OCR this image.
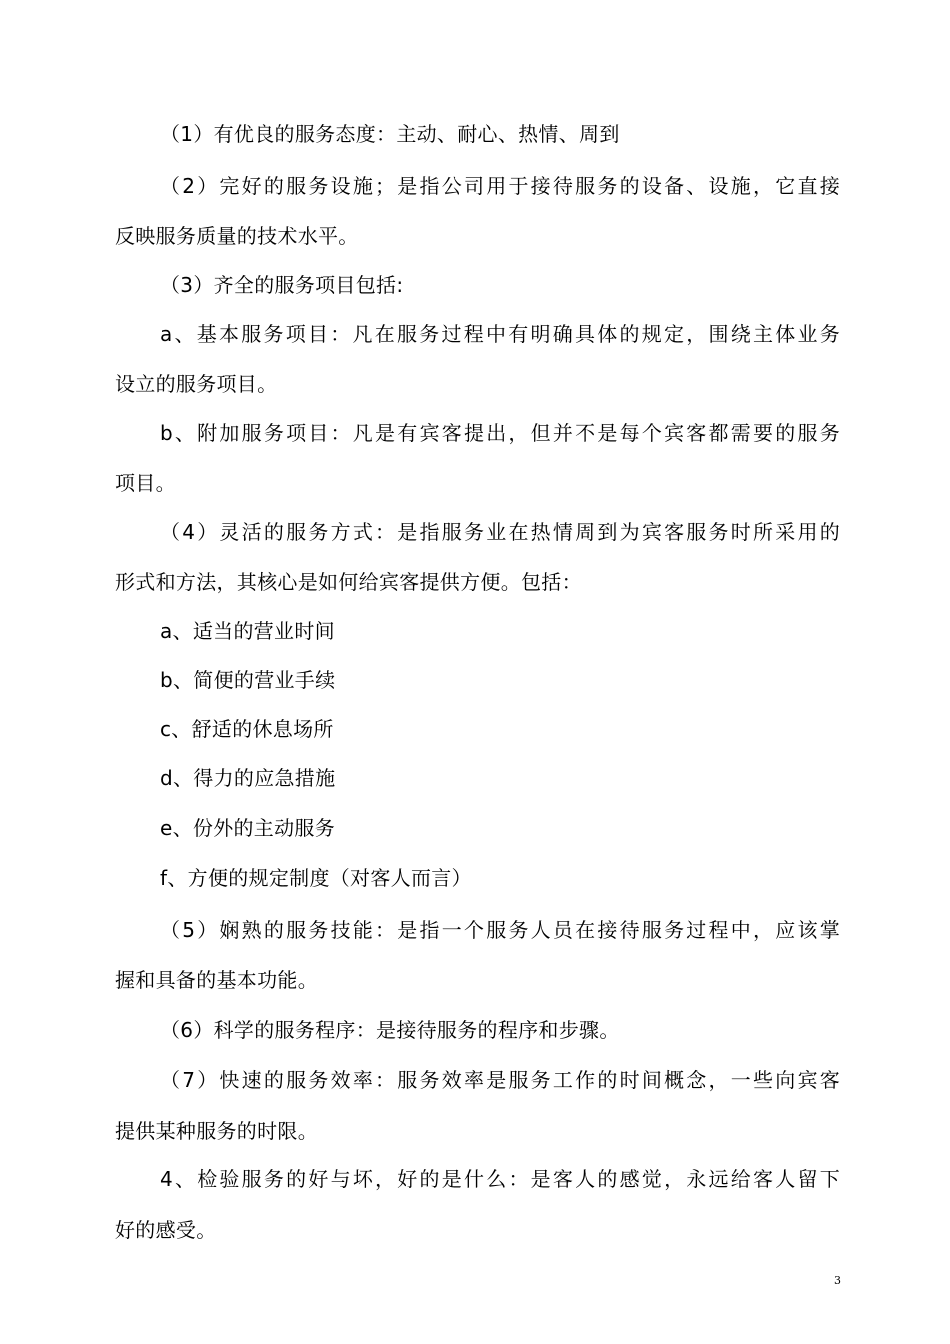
（1）有优良的服务态度：主动、耐心、热情、周到
（2）完好的服务设施；是指公司用于接待服务的设备、设施，它直接
反映服务质量的技术水平。
（3）齐全的服务项目包括:
a、基本服务项目：凡在服务过程中有明确具体的规定，围绕主体业务
设立的服务项目。
b、附加服务项目：凡是有宾客提出，但并不是每个宾客都需要的服务
项目。
（4）灵活的服务方式：是指服务业在热情周到为宾客服务时所采用的
形式和方法，其核心是如何给宾客提供方便。包括：
a、适当的营业时间
b、简便的营业手续
c、舒适的休息场所
d、得力的应急措施
e、份外的主动服务
f、方便的规定制度（对客人而言）
（5）娴熟的服务技能：是指一个服务人员在接待服务过程中，应该掌
握和具备的基本功能。
（6）科学的服务程序：是接待服务的程序和步骤。
（7）快速的服务效率：服务效率是服务工作的时间概念，一些向宾客
提供某种服务的时限。
4、检验服务的好与坏，好的是什么：是客人的感觉，永远给客人留下
好的感受。
3
